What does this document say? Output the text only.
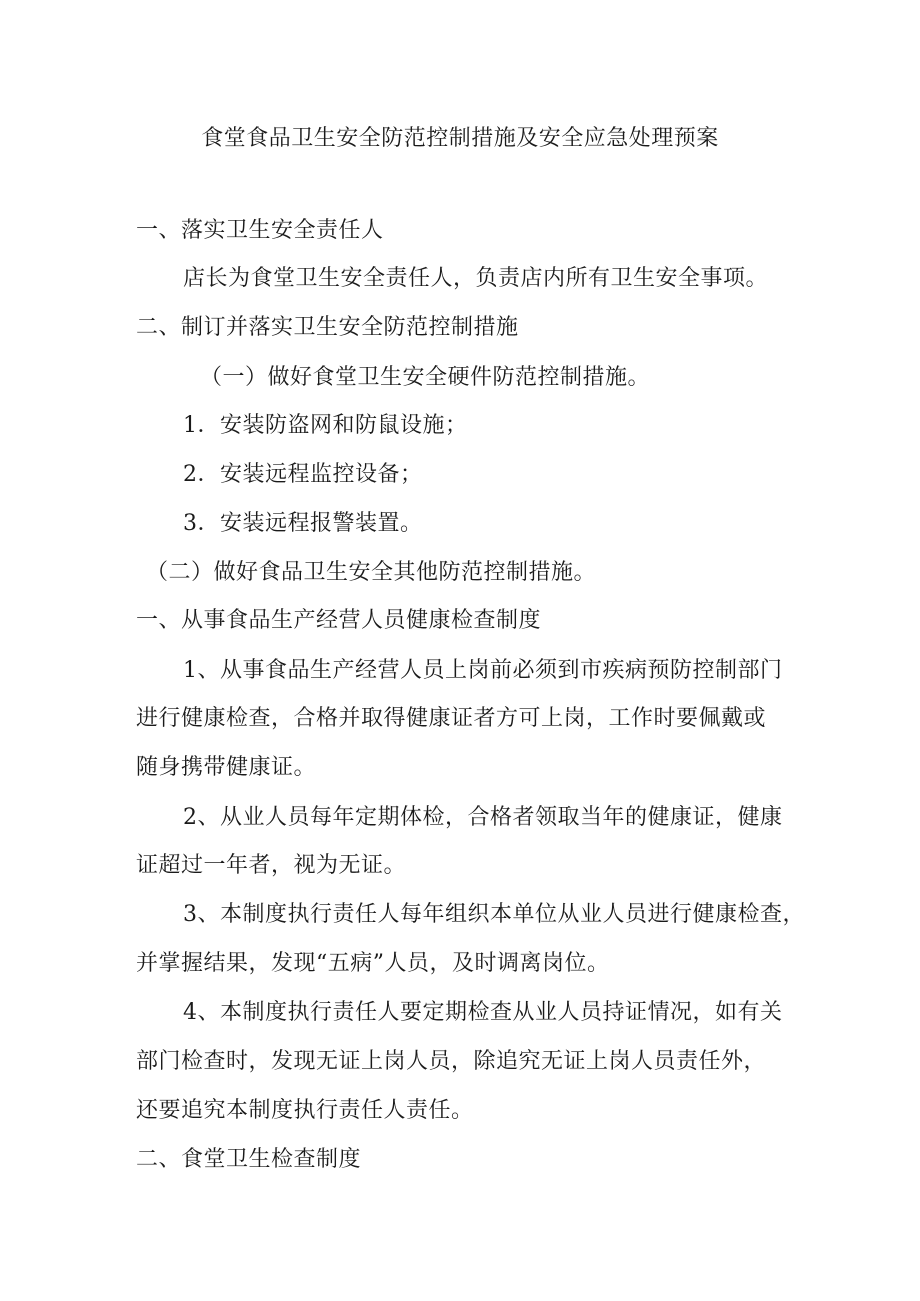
食堂食品卫生安全防范控制措施及安全应急处理预案
一、落实卫生安全责任人
店长为食堂卫生安全责任人，负责店内所有卫生安全事项。
二、制订并落实卫生安全防范控制措施
（一）做好食堂卫生安全硬件防范控制措施。
1．安装防盗网和防鼠设施；
2．安装远程监控设备；
3．安装远程报警装置。
（二）做好食品卫生安全其他防范控制措施。
一、从事食品生产经营人员健康检查制度
1、从事食品生产经营人员上岗前必须到市疾病预防控制部门
进行健康检查，合格并取得健康证者方可上岗，工作时要佩戴或
随身携带健康证。
2、从业人员每年定期体检，合格者领取当年的健康证，健康
证超过一年者，视为无证。
3、本制度执行责任人每年组织本单位从业人员进行健康检查，
并掌握结果，发现“五病”人员，及时调离岗位。
4、本制度执行责任人要定期检查从业人员持证情况，如有关
部门检查时，发现无证上岗人员，除追究无证上岗人员责任外，
还要追究本制度执行责任人责任。
二、食堂卫生检查制度
